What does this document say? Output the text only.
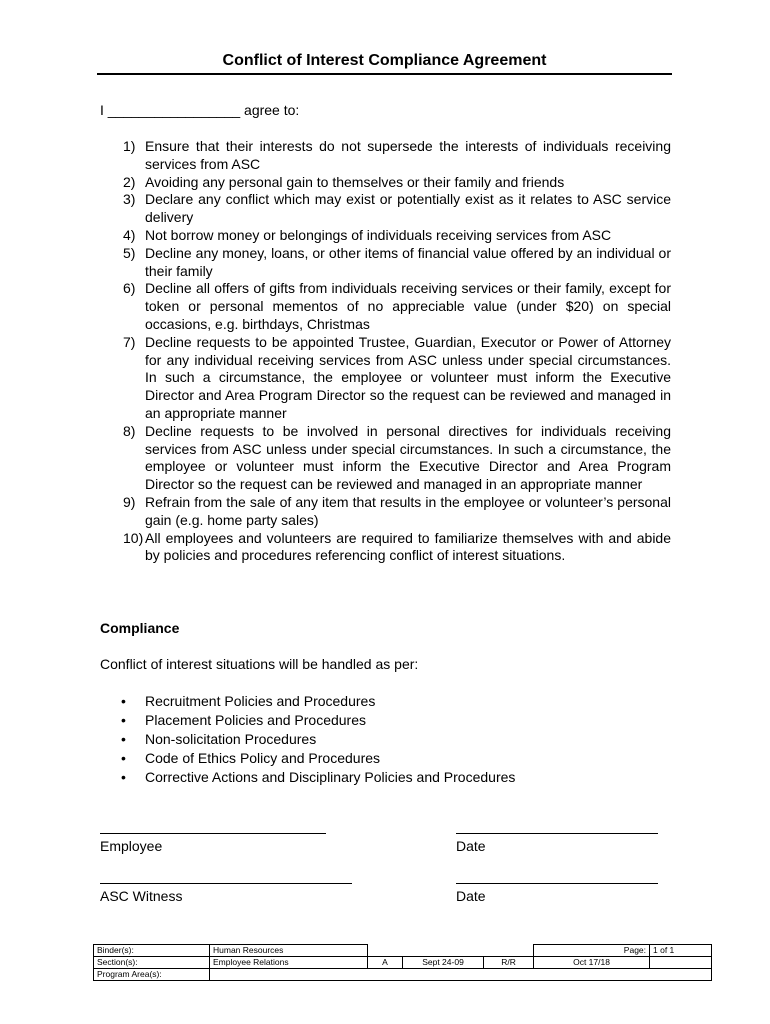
Conflict of Interest Compliance Agreement
I _________________ agree to:
1) Ensure that their interests do not supersede the interests of individuals receiving services from ASC
2) Avoiding any personal gain to themselves or their family and friends
3) Declare any conflict which may exist or potentially exist as it relates to ASC service delivery
4) Not borrow money or belongings of individuals receiving services from ASC
5) Decline any money, loans, or other items of financial value offered by an individual or their family
6) Decline all offers of gifts from individuals receiving services or their family, except for token or personal mementos of no appreciable value (under $20) on special occasions, e.g. birthdays, Christmas
7) Decline requests to be appointed Trustee, Guardian, Executor or Power of Attorney for any individual receiving services from ASC unless under special circumstances. In such a circumstance, the employee or volunteer must inform the Executive Director and Area Program Director so the request can be reviewed and managed in an appropriate manner
8) Decline requests to be involved in personal directives for individuals receiving services from ASC unless under special circumstances. In such a circumstance, the employee or volunteer must inform the Executive Director and Area Program Director so the request can be reviewed and managed in an appropriate manner
9) Refrain from the sale of any item that results in the employee or volunteer’s personal gain (e.g. home party sales)
10) All employees and volunteers are required to familiarize themselves with and abide by policies and procedures referencing conflict of interest situations.
Compliance
Conflict of interest situations will be handled as per:
• Recruitment Policies and Procedures
• Placement Policies and Procedures
• Non-solicitation Procedures
• Code of Ethics Policy and Procedures
• Corrective Actions and Disciplinary Policies and Procedures
Employee	Date
ASC Witness	Date
Binder(s):	Human Resources				Page:	1 of 1
Section(s):	Employee Relations	A	Sept 24-09	R/R	Oct 17/18	
Program Area(s):						
